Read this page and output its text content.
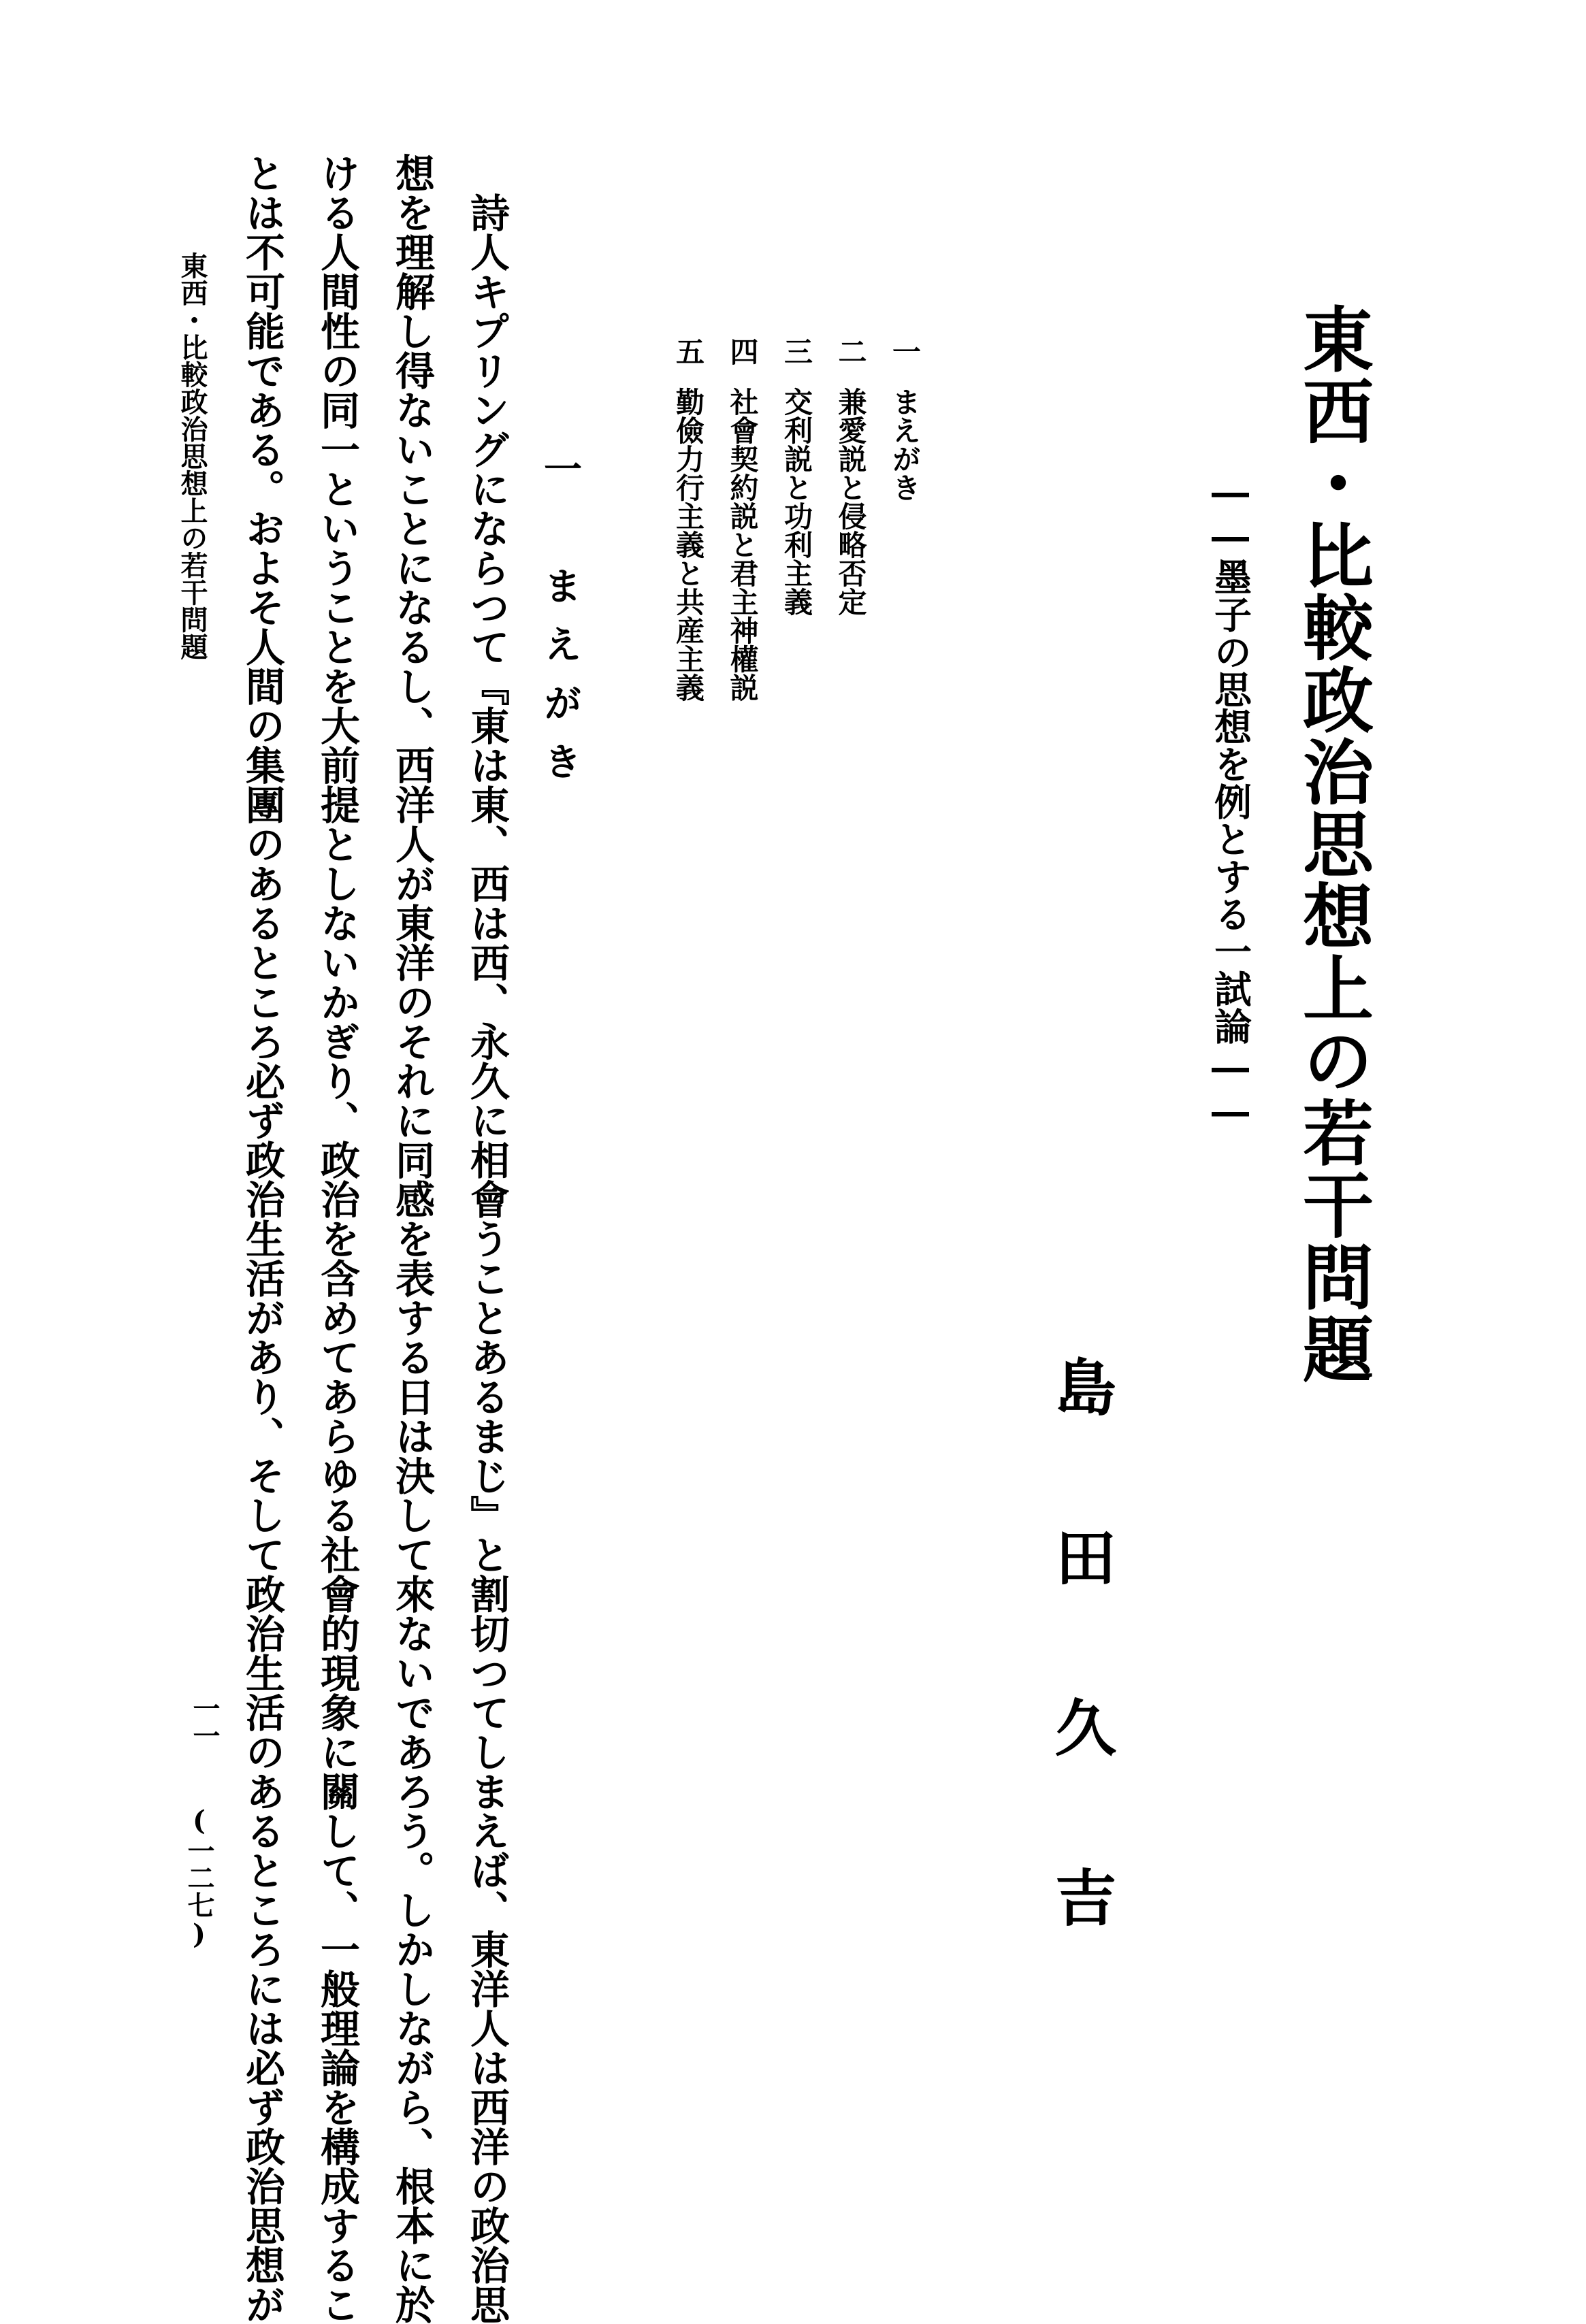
東西・比較政治思想上の若干問題
――墨子の思想を例とする一試論――
島
田
久
吉
一
まえがき
二
兼愛説と侵略否定
三
交利説と功利主義
四
社會契約説と君主神權説
五
勤儉力行主義と共産主義
一　まえがき
　詩人キプリングにならつて『東は東、西は西、永久に相會うことあるまじ』と割切つてしまえば、東洋人は西洋の政治思
想を理解し得ないことになるし、西洋人が東洋のそれに同感を表する日は決して來ないであろう。しかしながら、根本に於
ける人間性の同一ということを大前提としないかぎり、政治を含めてあらゆる社會的現象に關して、一般理論を構成するこ
とは不可能である。およそ人間の集團のあるところ必ず政治生活があり、そして政治生活のあるところには必ず政治思想が
東西・比較政治思想上の若干問題
一一
(一二七)
